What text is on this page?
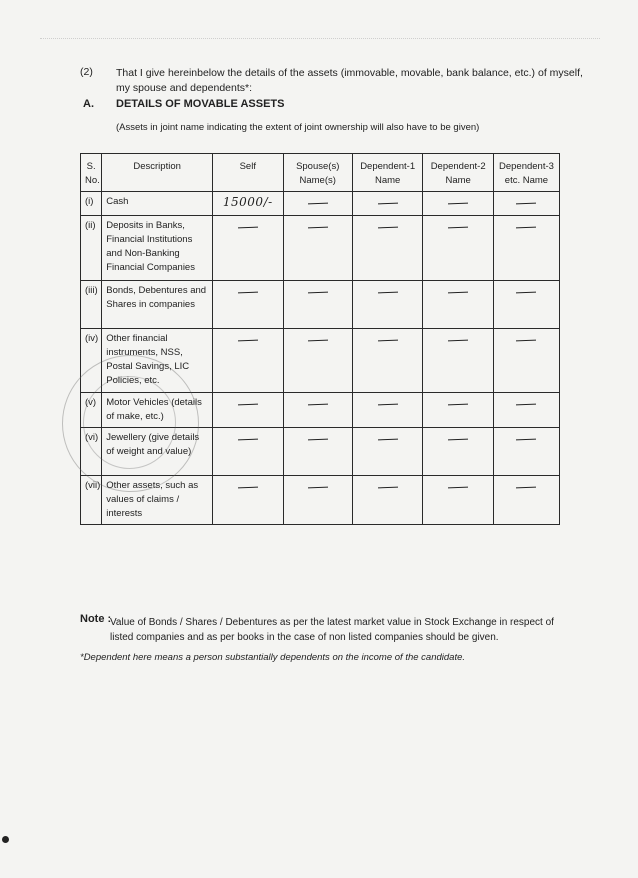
(2) That I give hereinbelow the details of the assets (immovable, movable, bank balance, etc.) of myself, my spouse and dependents*:
A. DETAILS OF MOVABLE ASSETS
(Assets in joint name indicating the extent of joint ownership will also have to be given)
S. No.	Description	Self	Spouse(s) Name(s)	Dependent-1 Name	Dependent-2 Name	Dependent-3 etc. Name
(i)	Cash	15000/-				
(ii)	Deposits in Banks, Financial Institutions and Non-Banking Financial Companies					
(iii)	Bonds, Debentures and Shares in companies					
(iv)	Other financial instruments, NSS, Postal Savings, LIC Policies, etc.					
(v)	Motor Vehicles (details of make, etc.)					
(vi)	Jewellery (give details of weight and value)					
(vii)	Other assets, such as values of claims / interests					
Note :
Value of Bonds / Shares / Debentures as per the latest market value in Stock Exchange in respect of listed companies and as per books in the case of non listed companies should be given.
*Dependent here means a person substantially dependents on the income of the candidate.
